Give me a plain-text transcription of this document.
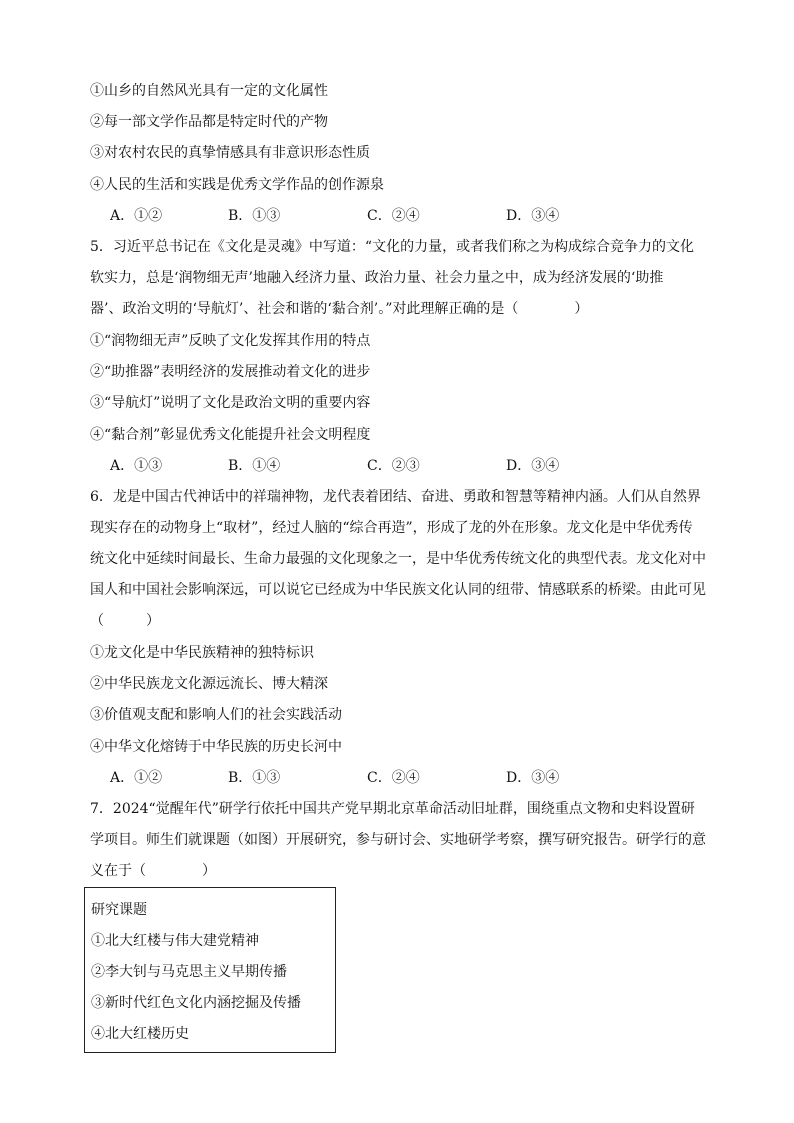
①山乡的自然风光具有一定的文化属性
②每一部文学作品都是特定时代的产物
③对农村农民的真挚情感具有非意识形态性质
④人民的生活和实践是优秀文学作品的创作源泉
A．①②	B．①③	C．②④	D．③④
5．习近平总书记在《文化是灵魂》中写道：“文化的力量，或者我们称之为构成综合竞争力的文化
软实力，总是‘润物细无声’地融入经济力量、政治力量、社会力量之中，成为经济发展的‘助推
器’、政治文明的‘导航灯’、社会和谐的‘黏合剂’。”对此理解正确的是（　　　　）
①“润物细无声”反映了文化发挥其作用的特点
②“助推器”表明经济的发展推动着文化的进步
③“导航灯”说明了文化是政治文明的重要内容
④“黏合剂”彰显优秀文化能提升社会文明程度
A．①③	B．①④	C．②③	D．③④
6．龙是中国古代神话中的祥瑞神物，龙代表着团结、奋进、勇敢和智慧等精神内涵。人们从自然界
现实存在的动物身上“取材”，经过人脑的“综合再造”，形成了龙的外在形象。龙文化是中华优秀传
统文化中延续时间最长、生命力最强的文化现象之一，是中华优秀传统文化的典型代表。龙文化对中
国人和中国社会影响深远，可以说它已经成为中华民族文化认同的纽带、情感联系的桥梁。由此可见
（　　　）
①龙文化是中华民族精神的独特标识
②中华民族龙文化源远流长、博大精深
③价值观支配和影响人们的社会实践活动
④中华文化熔铸于中华民族的历史长河中
A．①②	B．①③	C．②④	D．③④
7．2024“觉醒年代”研学行依托中国共产党早期北京革命活动旧址群，围绕重点文物和史料设置研
学项目。师生们就课题（如图）开展研究，参与研讨会、实地研学考察，撰写研究报告。研学行的意
义在于（　　　　）
研究课题
①北大红楼与伟大建党精神
②李大钊与马克思主义早期传播
③新时代红色文化内涵挖掘及传播
④北大红楼历史
